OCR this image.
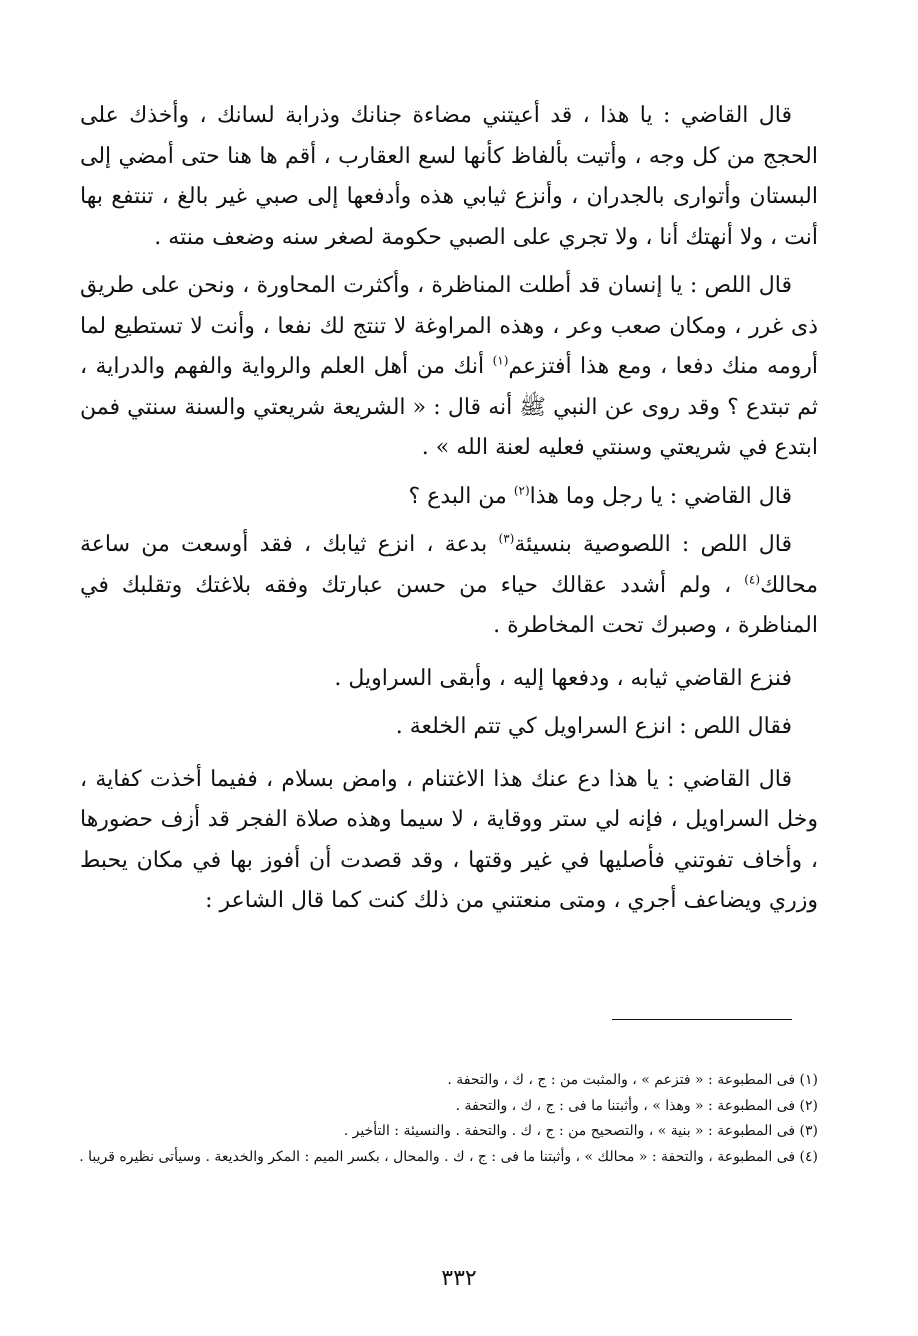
قال القاضي : يا هذا ، قد أعيتني مضاءة جنانك وذرابة لسانك ، وأخذك على الحجج من كل وجه ، وأتيت بألفاظ كأنها لسع العقارب ، أقم ها هنا حتى أمضي إلى البستان وأتوارى بالجدران ، وأنزع ثيابي هذه وأدفعها إلى صبي غير بالغ ، تنتفع بها أنت ، ولا أنهتك أنا ، ولا تجري على الصبي حكومة لصغر سنه وضعف منته .

قال اللص : يا إنسان قد أطلت المناظرة ، وأكثرت المحاورة ، ونحن على طريق ذى غرر ، ومكان صعب وعر ، وهذه المراوغة لا تنتج لك نفعا ، وأنت لا تستطيع لما أرومه منك دفعا ، ومع هذا أفتزعم$^{(١)}$ أنك من أهل العلم والرواية والفهم والدراية ، ثم تبتدع ؟ وقد روى عن النبي ﷺ أنه قال : « الشريعة شريعتي والسنة سنتي فمن ابتدع في شريعتي وسنتي فعليه لعنة الله » .

قال القاضي : يا رجل وما هذا$^{(٢)}$ من البدع ؟

قال اللص : اللصوصية بنسيئة$^{(٣)}$ بدعة ، انزع ثيابك ، فقد أوسعت من ساعة محالك$^{(٤)}$ ، ولم أشدد عقالك حياء من حسن عبارتك وفقه بلاغتك وتقلبك في المناظرة ، وصبرك تحت المخاطرة .

فنزع القاضي ثيابه ، ودفعها إليه ، وأبقى السراويل .

فقال اللص : انزع السراويل كي تتم الخلعة .

قال القاضي : يا هذا دع عنك هذا الاغتنام ، وامض بسلام ، ففيما أخذت كفاية ، وخل السراويل ، فإنه لي ستر ووقاية ، لا سيما وهذه صلاة الفجر قد أزف حضورها ، وأخاف تفوتني فأصليها في غير وقتها ، وقد قصدت أن أفوز بها في مكان يحبط وزري ويضاعف أجري ، ومتى منعتني من ذلك كنت كما قال الشاعر :

(١) فى المطبوعة : « فتزعم » ، والمثبت من : ج ، ك ، والتحفة .
(٢) فى المطبوعة : « وهذا » ، وأثبتنا ما فى : ج ، ك ، والتحفة .
(٣) فى المطبوعة : « بنية » ، والتصحيح من : ج ، ك . والتحفة . والنسيئة : التأخير .
(٤) فى المطبوعة ، والتحفة : « محالك » ، وأثبتنا ما فى : ج ، ك . والمحال ، بكسر الميم : المكر والخديعة . وسيأتى نظيره قريبا .
٣٣٢
